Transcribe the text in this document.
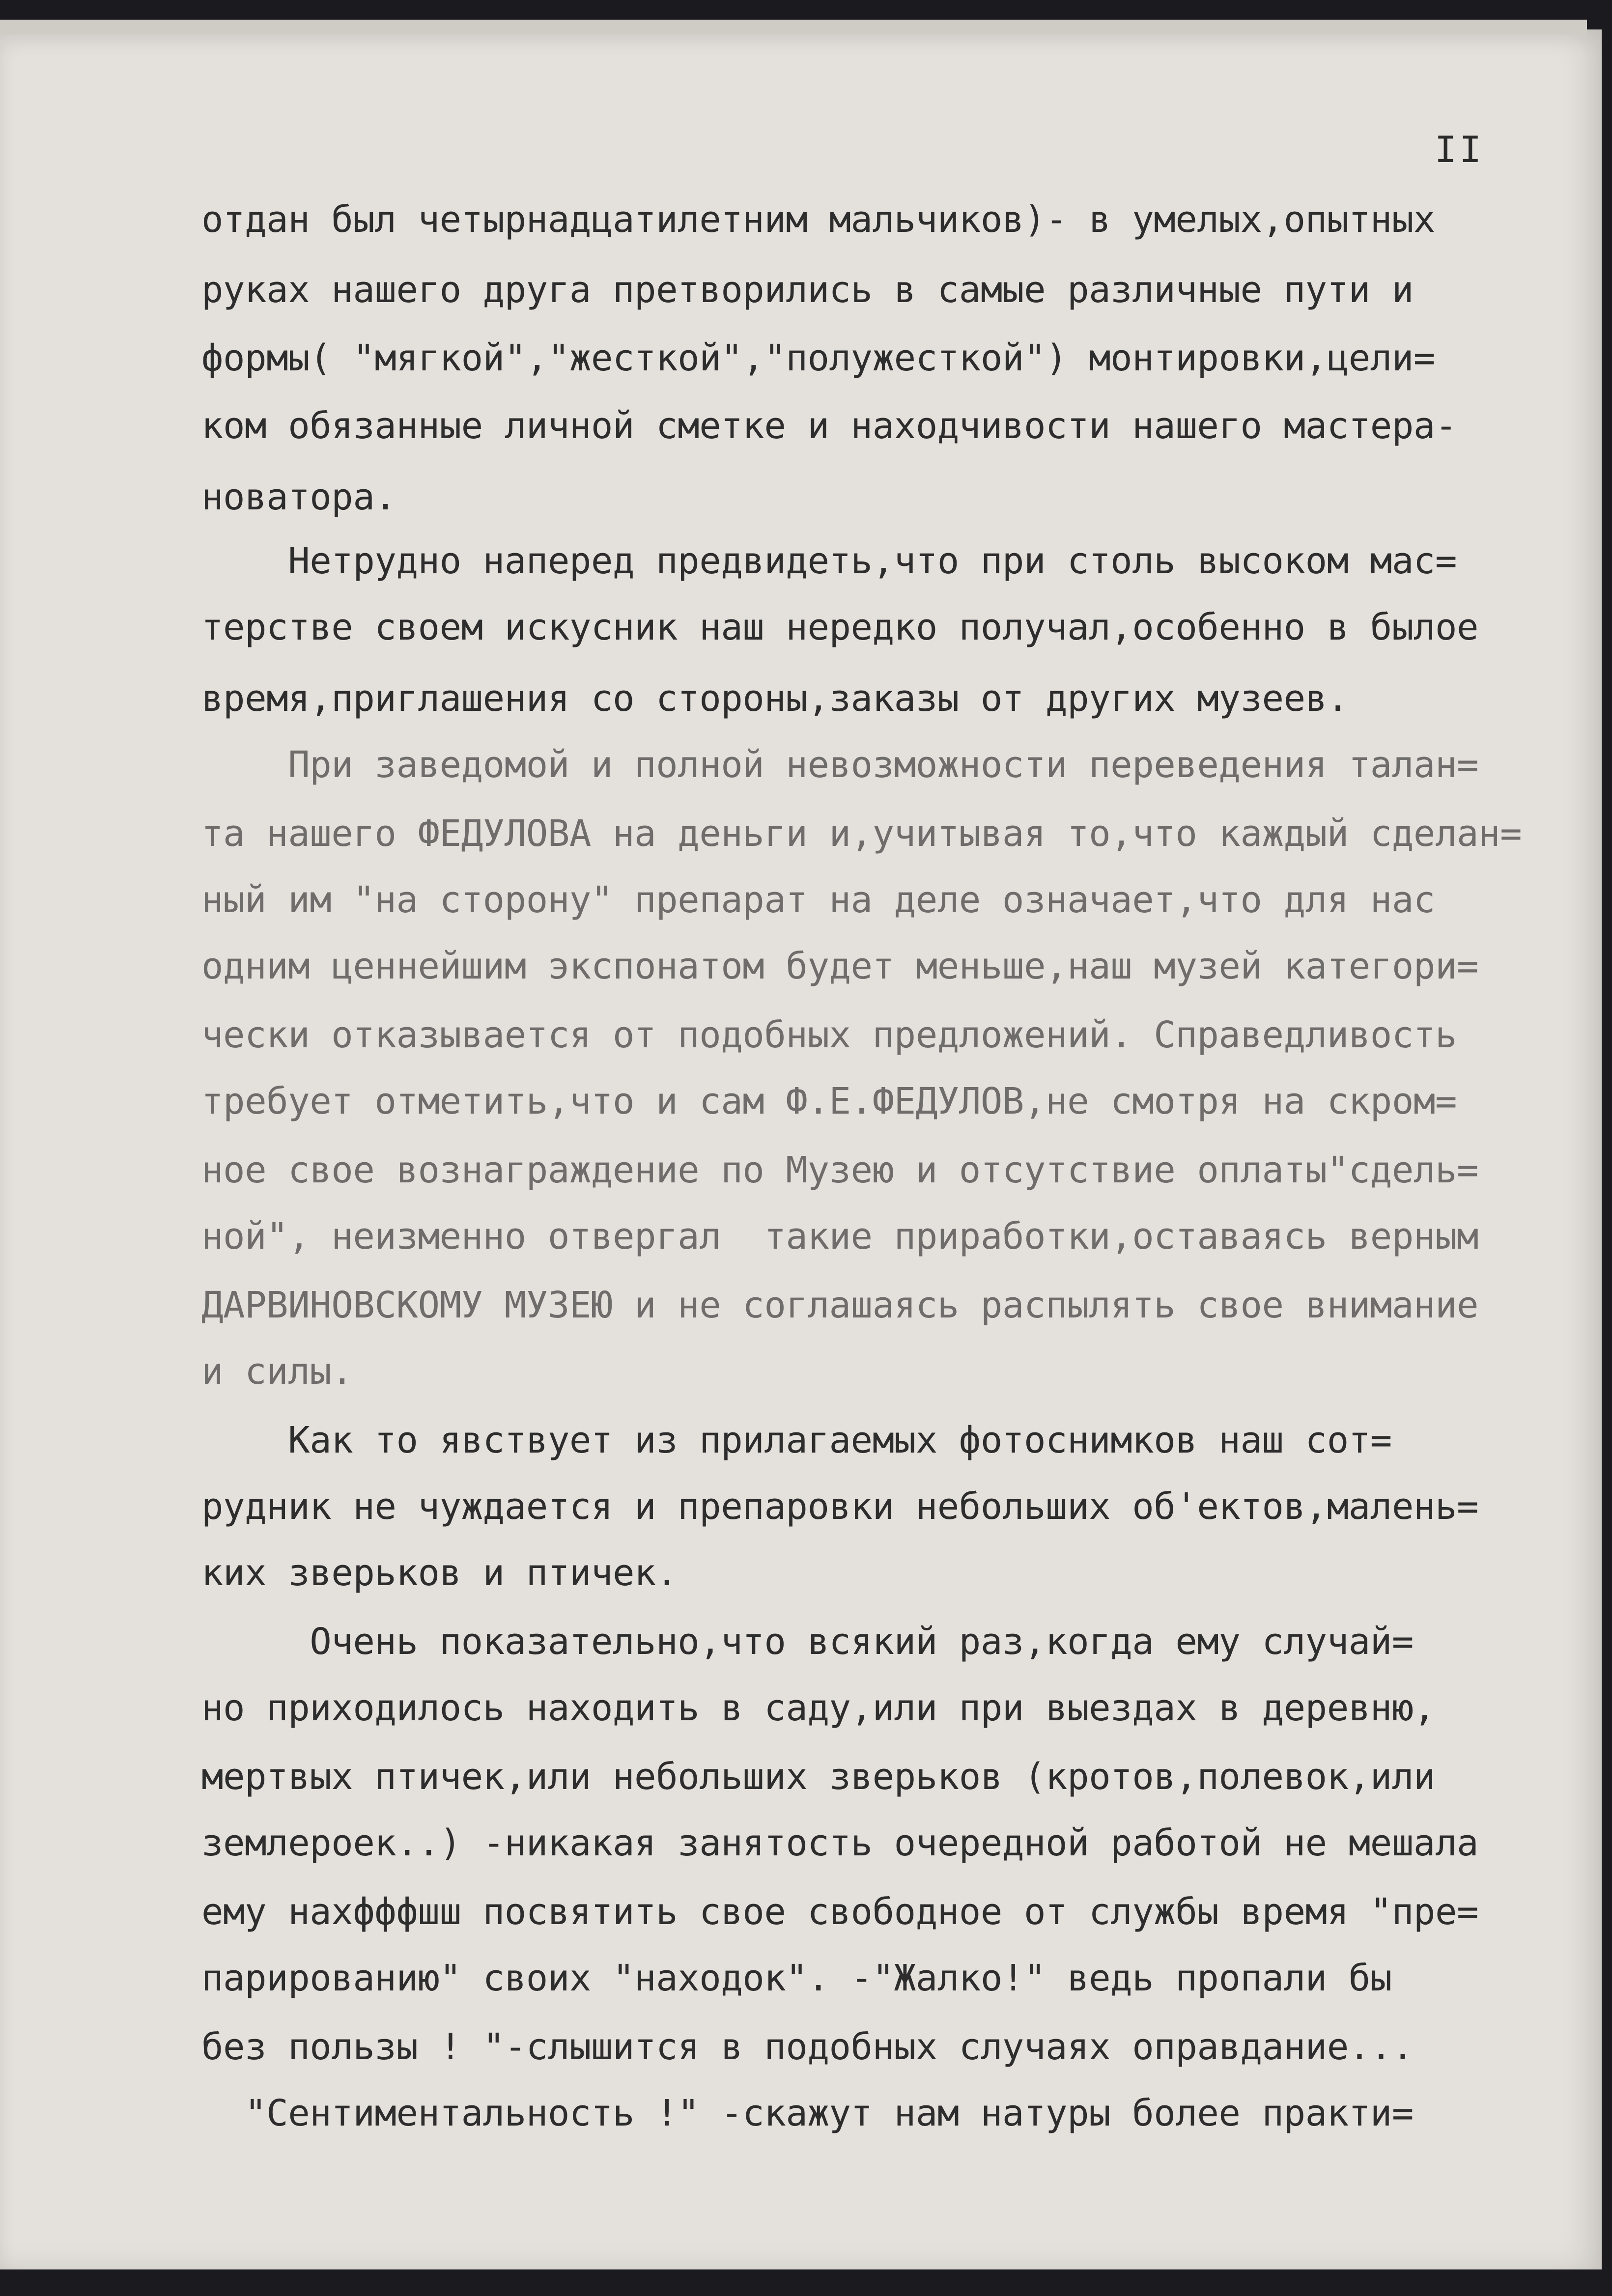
II
отдан был четырнадцатилетним мальчиков)- в умелых,опытных
руках нашего друга претворились в самые различные пути и
формы( "мягкой","жесткой","полужесткой") монтировки,цели=
ком обязанные личной сметке и находчивости нашего мастера-
новатора.
Нетрудно наперед предвидеть,что при столь высоком мас=
терстве своем искусник наш нередко получал,особенно в былое
время,приглашения со стороны,заказы от других музеев.
При заведомой и полной невозможности переведения талан=
та нашего ФЕДУЛОВА на деньги и,учитывая то,что каждый сделан=
ный им "на сторону" препарат на деле означает,что для нас
одним ценнейшим экспонатом будет меньше,наш музей категори=
чески отказывается от подобных предложений. Справедливость
требует отметить,что и сам Ф.Е.ФЕДУЛОВ,не смотря на скром=
ное свое вознаграждение по Музею и отсутствие оплаты"сдель=
ной", неизменно отвергал  такие приработки,оставаясь верным
ДАРВИНОВСКОМУ МУЗЕЮ и не соглашаясь распылять свое внимание
и силы.
Как то явствует из прилагаемых фотоснимков наш сот=
рудник не чуждается и препаровки небольших об'ектов,малень=
ких зверьков и птичек.
Очень показательно,что всякий раз,когда ему случай=
но приходилось находить в саду,или при выездах в деревню,
мертвых птичек,или небольших зверьков (кротов,полевок,или
землероек..) -никакая занятость очередной работой не мешала
ему нахфффшш посвятить свое свободное от службы время "пре=
парированию" своих "находок". -"Жалко!" ведь пропали бы
без пользы ! "-слышится в подобных случаях оправдание...
"Сентиментальность !" -скажут нам натуры более практи=
